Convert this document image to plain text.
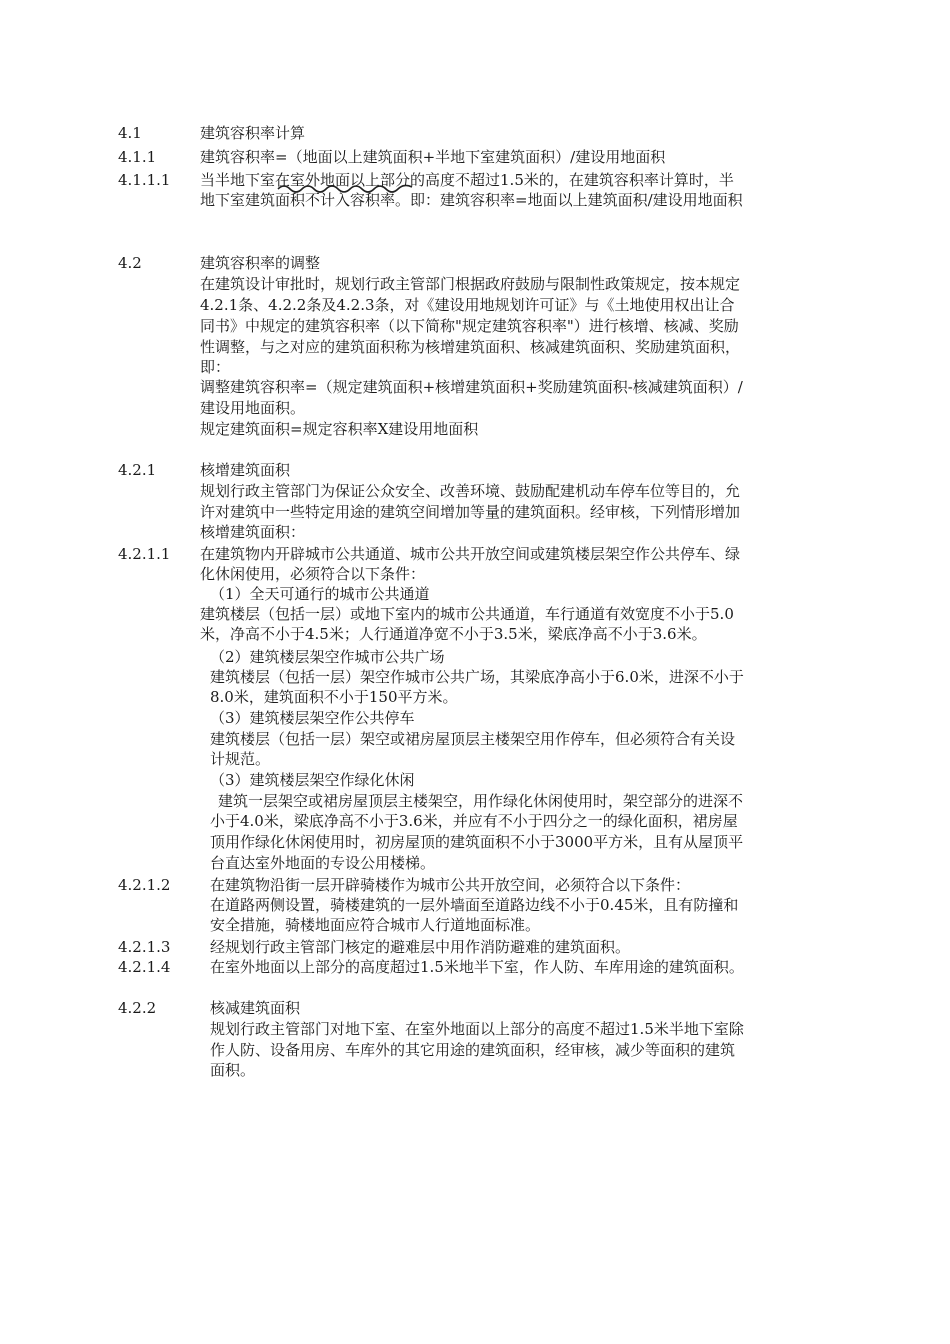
4.1	建筑容积率计算
4.1.1	建筑容积率=（地面以上建筑面积+半地下室建筑面积）/建设用地面积
4.1.1.1	当半地下室在室外地面以上部分的高度不超过1.5米的，在建筑容积率计算时，半
地下室建筑面积不计入容积率。即：建筑容积率=地面以上建筑面积/建设用地面积
4.2	建筑容积率的调整
在建筑设计审批时，规划行政主管部门根据政府鼓励与限制性政策规定，按本规定
4.2.1条、4.2.2条及4.2.3条，对《建设用地规划许可证》与《土地使用权出让合
同书》中规定的建筑容积率（以下简称"规定建筑容积率"）进行核增、核减、奖励
性调整，与之对应的建筑面积称为核增建筑面积、核减建筑面积、奖励建筑面积，
即：
调整建筑容积率=（规定建筑面积+核增建筑面积+奖励建筑面积-核减建筑面积）/
建设用地面积。
规定建筑面积=规定容积率X建设用地面积
4.2.1	核增建筑面积
规划行政主管部门为保证公众安全、改善环境、鼓励配建机动车停车位等目的，允
许对建筑中一些特定用途的建筑空间增加等量的建筑面积。经审核，下列情形增加
核增建筑面积：
4.2.1.1	在建筑物内开辟城市公共通道、城市公共开放空间或建筑楼层架空作公共停车、绿
化休闲使用，必须符合以下条件：
（1）全天可通行的城市公共通道
建筑楼层（包括一层）或地下室内的城市公共通道，车行通道有效宽度不小于5.0
米，净高不小于4.5米；人行通道净宽不小于3.5米，梁底净高不小于3.6米。
（2）建筑楼层架空作城市公共广场
建筑楼层（包括一层）架空作城市公共广场，其梁底净高小于6.0米，进深不小于
8.0米，建筑面积不小于150平方米。
（3）建筑楼层架空作公共停车
建筑楼层（包括一层）架空或裙房屋顶层主楼架空用作停车，但必须符合有关设
计规范。
（3）建筑楼层架空作绿化休闲
建筑一层架空或裙房屋顶层主楼架空，用作绿化休闲使用时，架空部分的进深不
小于4.0米，梁底净高不小于3.6米，并应有不小于四分之一的绿化面积，裙房屋
顶用作绿化休闲使用时，初房屋顶的建筑面积不小于3000平方米，且有从屋顶平
台直达室外地面的专设公用楼梯。
4.2.1.2	在建筑物沿街一层开辟骑楼作为城市公共开放空间，必须符合以下条件：
在道路两侧设置，骑楼建筑的一层外墙面至道路边线不小于0.45米，且有防撞和
安全措施，骑楼地面应符合城市人行道地面标准。
4.2.1.3	经规划行政主管部门核定的避难层中用作消防避难的建筑面积。
4.2.1.4	在室外地面以上部分的高度超过1.5米地半下室，作人防、车库用途的建筑面积。
4.2.2	核减建筑面积
规划行政主管部门对地下室、在室外地面以上部分的高度不超过1.5米半地下室除
作人防、设备用房、车库外的其它用途的建筑面积，经审核，减少等面积的建筑
面积。
